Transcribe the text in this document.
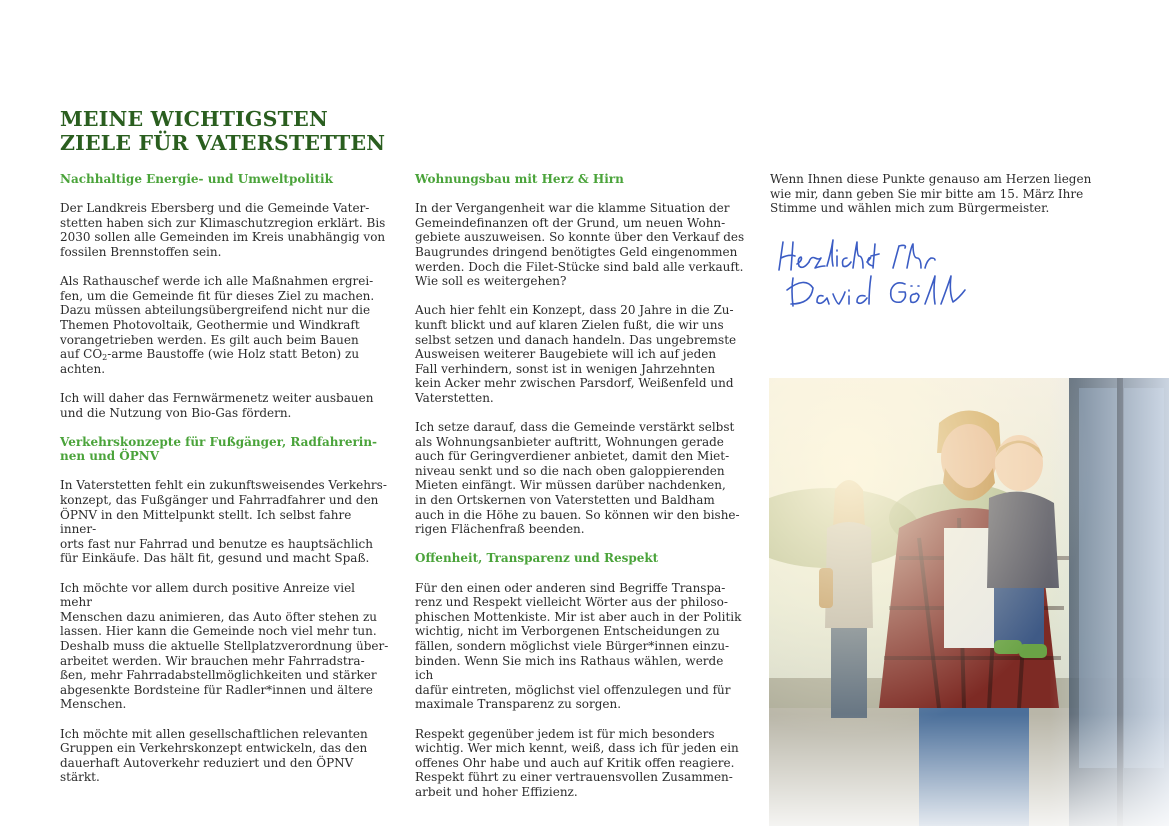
MEINE WICHTIGSTEN
ZIELE FÜR VATERSTETTEN
Nachhaltige Energie- und Umweltpolitik

Der Landkreis Ebersberg und die Gemeinde Vater-
stetten haben sich zur Klimaschutzregion erklärt. Bis
2030 sollen alle Gemeinden im Kreis unabhängig von
fossilen Brennstoffen sein.

Als Rathauschef werde ich alle Maßnahmen ergrei-
fen, um die Gemeinde fit für dieses Ziel zu machen.
Dazu müssen abteilungsübergreifend nicht nur die
Themen Photovoltaik, Geothermie und Windkraft
vorangetrieben werden. Es gilt auch beim Bauen
auf $CO_2$-arme Baustoffe (wie Holz statt Beton) zu
achten.

Ich will daher das Fernwärmenetz weiter ausbauen
und die Nutzung von Bio-Gas fördern.

Verkehrskonzepte für Fußgänger, Radfahrerin-
nen und ÖPNV

In Vaterstetten fehlt ein zukunftsweisendes Verkehrs-
konzept, das Fußgänger und Fahrradfahrer und den
ÖPNV in den Mittelpunkt stellt. Ich selbst fahre inner-
orts fast nur Fahrrad und benutze es hauptsächlich
für Einkäufe. Das hält fit, gesund und macht Spaß.

Ich möchte vor allem durch positive Anreize viel mehr
Menschen dazu animieren, das Auto öfter stehen zu
lassen. Hier kann die Gemeinde noch viel mehr tun.
Deshalb muss die aktuelle Stellplatzverordnung über-
arbeitet werden. Wir brauchen mehr Fahrradstra-
ßen, mehr Fahrradabstellmöglichkeiten und stärker
abgesenkte Bordsteine für Radler*innen und ältere
Menschen.

Ich möchte mit allen gesellschaftlichen relevanten
Gruppen ein Verkehrskonzept entwickeln, das den
dauerhaft Autoverkehr reduziert und den ÖPNV
stärkt.

Wohnungsbau mit Herz & Hirn

In der Vergangenheit war die klamme Situation der
Gemeindefinanzen oft der Grund, um neuen Wohn-
gebiete auszuweisen. So konnte über den Verkauf des
Baugrundes dringend benötigtes Geld eingenommen
werden. Doch die Filet-Stücke sind bald alle verkauft.
Wie soll es weitergehen?

Auch hier fehlt ein Konzept, dass 20 Jahre in die Zu-
kunft blickt und auf klaren Zielen fußt, die wir uns
selbst setzen und danach handeln. Das ungebremste
Ausweisen weiterer Baugebiete will ich auf jeden
Fall verhindern, sonst ist in wenigen Jahrzehnten
kein Acker mehr zwischen Parsdorf, Weißenfeld und
Vaterstetten.

Ich setze darauf, dass die Gemeinde verstärkt selbst
als Wohnungsanbieter auftritt, Wohnungen gerade
auch für Geringverdiener anbietet, damit den Miet-
niveau senkt und so die nach oben galoppierenden
Mieten einfängt. Wir müssen darüber nachdenken,
in den Ortskernen von Vaterstetten und Baldham
auch in die Höhe zu bauen. So können wir den bishe-
rigen Flächenfraß beenden.

Offenheit, Transparenz und Respekt

Für den einen oder anderen sind Begriffe Transpa-
renz und Respekt vielleicht Wörter aus der philoso-
phischen Mottenkiste. Mir ist aber auch in der Politik
wichtig, nicht im Verborgenen Entscheidungen zu
fällen, sondern möglichst viele Bürger*innen einzu-
binden. Wenn Sie mich ins Rathaus wählen, werde ich
dafür eintreten, möglichst viel offenzulegen und für
maximale Transparenz zu sorgen.

Respekt gegenüber jedem ist für mich besonders
wichtig. Wer mich kennt, weiß, dass ich für jeden ein
offenes Ohr habe und auch auf Kritik offen reagiere.
Respekt führt zu einer vertrauensvollen Zusammen-
arbeit und hoher Effizienz.

Wenn Ihnen diese Punkte genauso am Herzen liegen
wie mir, dann geben Sie mir bitte am 15. März Ihre
Stimme und wählen mich zum Bürgermeister.
